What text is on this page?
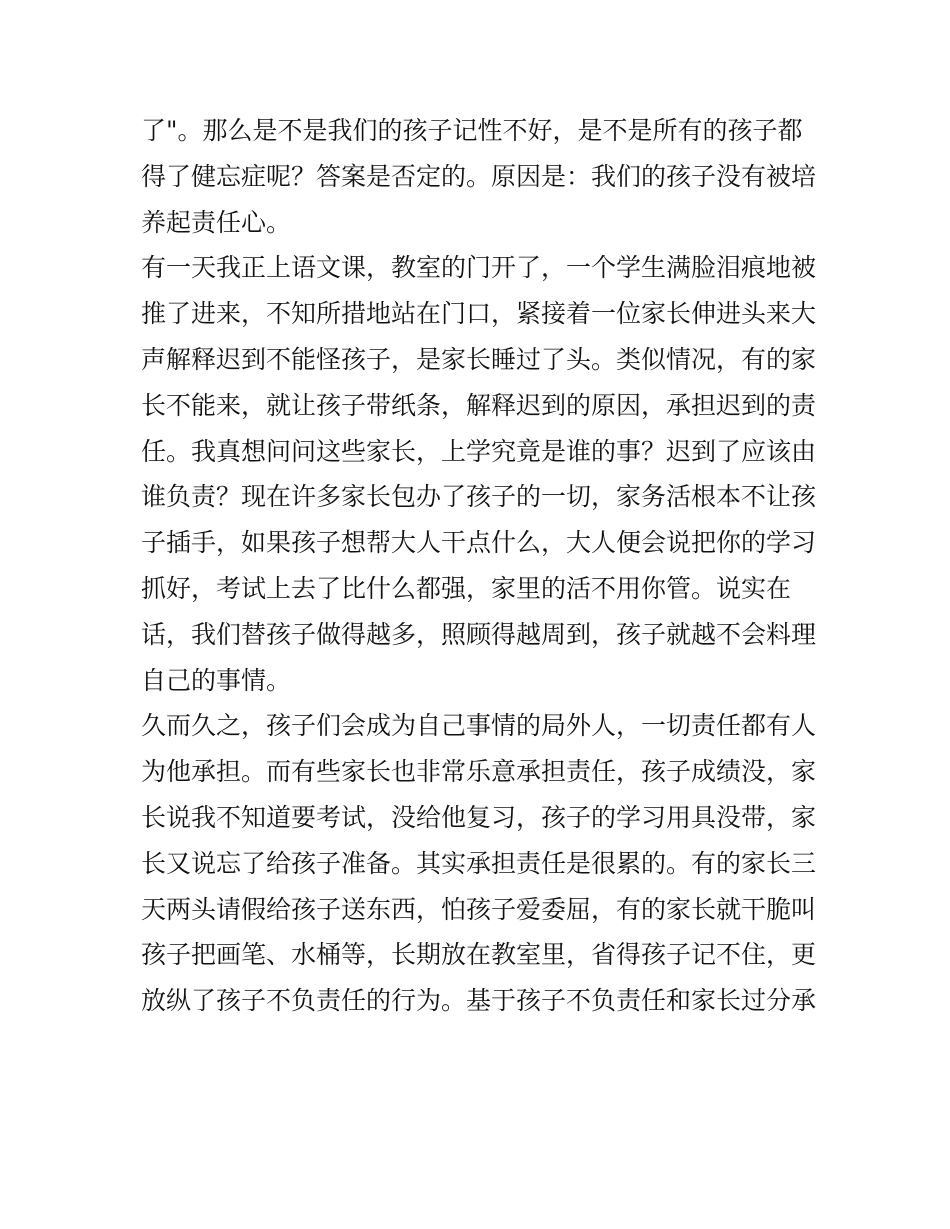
了"。那么是不是我们的孩子记性不好，是不是所有的孩子都
得了健忘症呢？答案是否定的。原因是：我们的孩子没有被培
养起责任心。
有一天我正上语文课，教室的门开了，一个学生满脸泪痕地被
推了进来，不知所措地站在门口，紧接着一位家长伸进头来大
声解释迟到不能怪孩子，是家长睡过了头。类似情况，有的家
长不能来，就让孩子带纸条，解释迟到的原因，承担迟到的责
任。我真想问问这些家长，上学究竟是谁的事？迟到了应该由
谁负责？现在许多家长包办了孩子的一切，家务活根本不让孩
子插手，如果孩子想帮大人干点什么，大人便会说把你的学习
抓好，考试上去了比什么都强，家里的活不用你管。说实在
话，我们替孩子做得越多，照顾得越周到，孩子就越不会料理
自己的事情。
久而久之，孩子们会成为自己事情的局外人，一切责任都有人
为他承担。而有些家长也非常乐意承担责任，孩子成绩没，家
长说我不知道要考试，没给他复习，孩子的学习用具没带，家
长又说忘了给孩子准备。其实承担责任是很累的。有的家长三
天两头请假给孩子送东西，怕孩子爱委屈，有的家长就干脆叫
孩子把画笔、水桶等，长期放在教室里，省得孩子记不住，更
放纵了孩子不负责任的行为。基于孩子不负责任和家长过分承
